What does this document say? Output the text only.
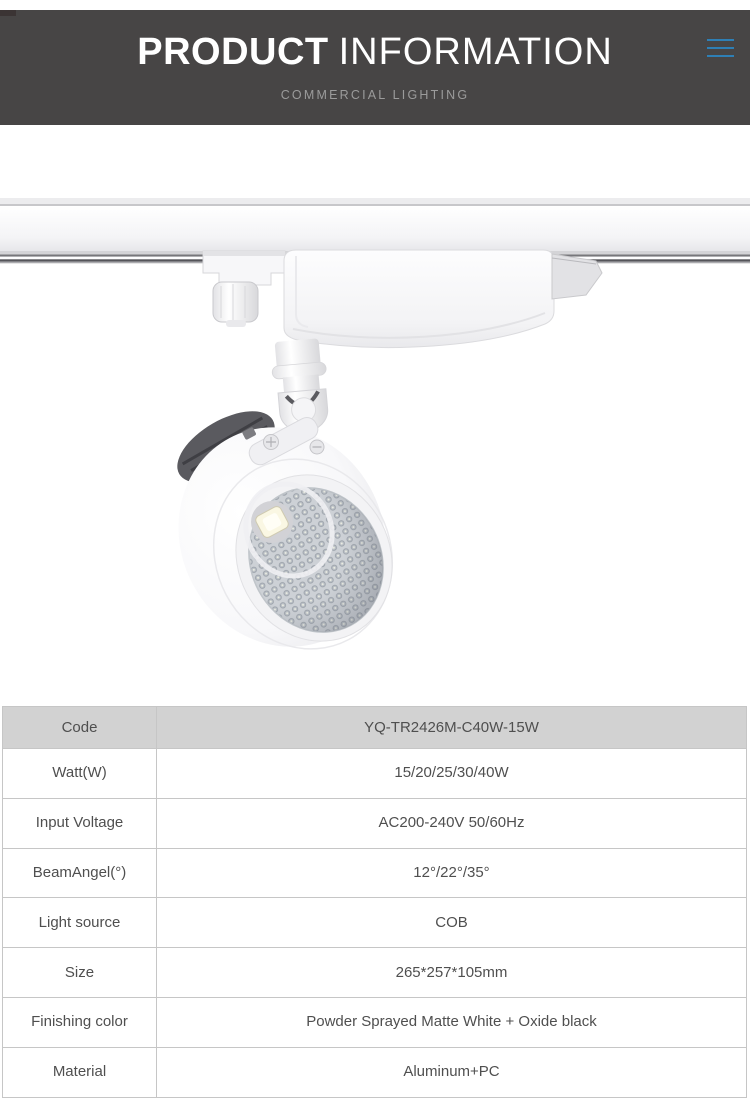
PRODUCT INFORMATION
COMMERCIAL LIGHTING
Code	YQ-TR2426M-C40W-15W
Watt(W)	15/20/25/30/40W
Input Voltage	AC200-240V 50/60Hz
BeamAngel(°)	12°/22°/35°
Light source	COB
Size	265*257*105mm
Finishing color	Powder Sprayed Matte White + Oxide black
Material	Aluminum+PC
